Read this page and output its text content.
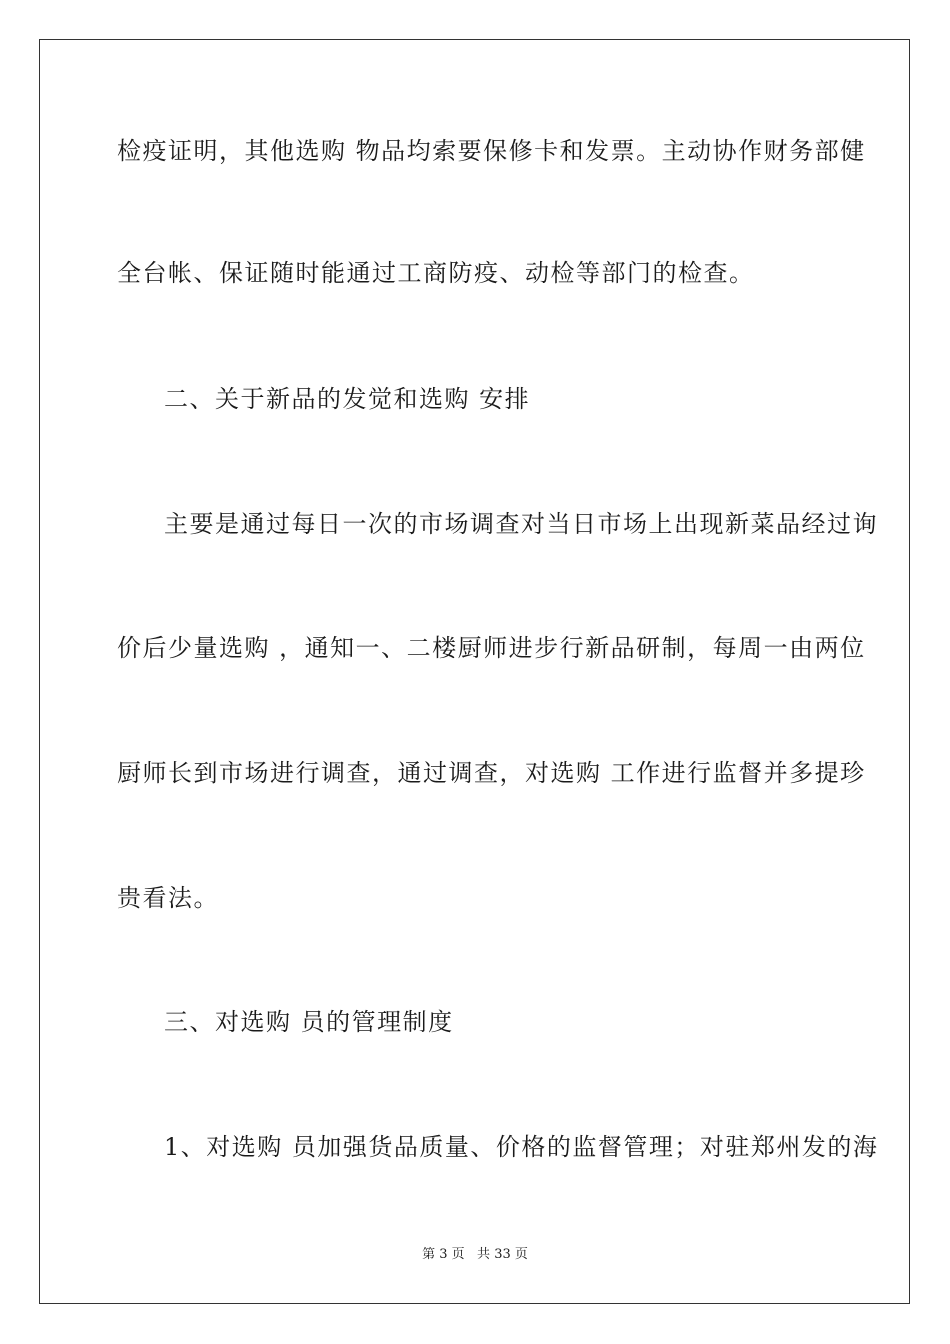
检疫证明，其他选购 物品均索要保修卡和发票。主动协作财务部健
全台帐、保证随时能通过工商防疫、动检等部门的检查。
二、关于新品的发觉和选购 安排
主要是通过每日一次的市场调查对当日市场上出现新菜品经过询
价后少量选购 ，通知一、二楼厨师进步行新品研制，每周一由两位
厨师长到市场进行调查，通过调查，对选购 工作进行监督并多提珍
贵看法。
三、对选购 员的管理制度
1、对选购 员加强货品质量、价格的监督管理；对驻郑州发的海
第 3 页   共 33 页
